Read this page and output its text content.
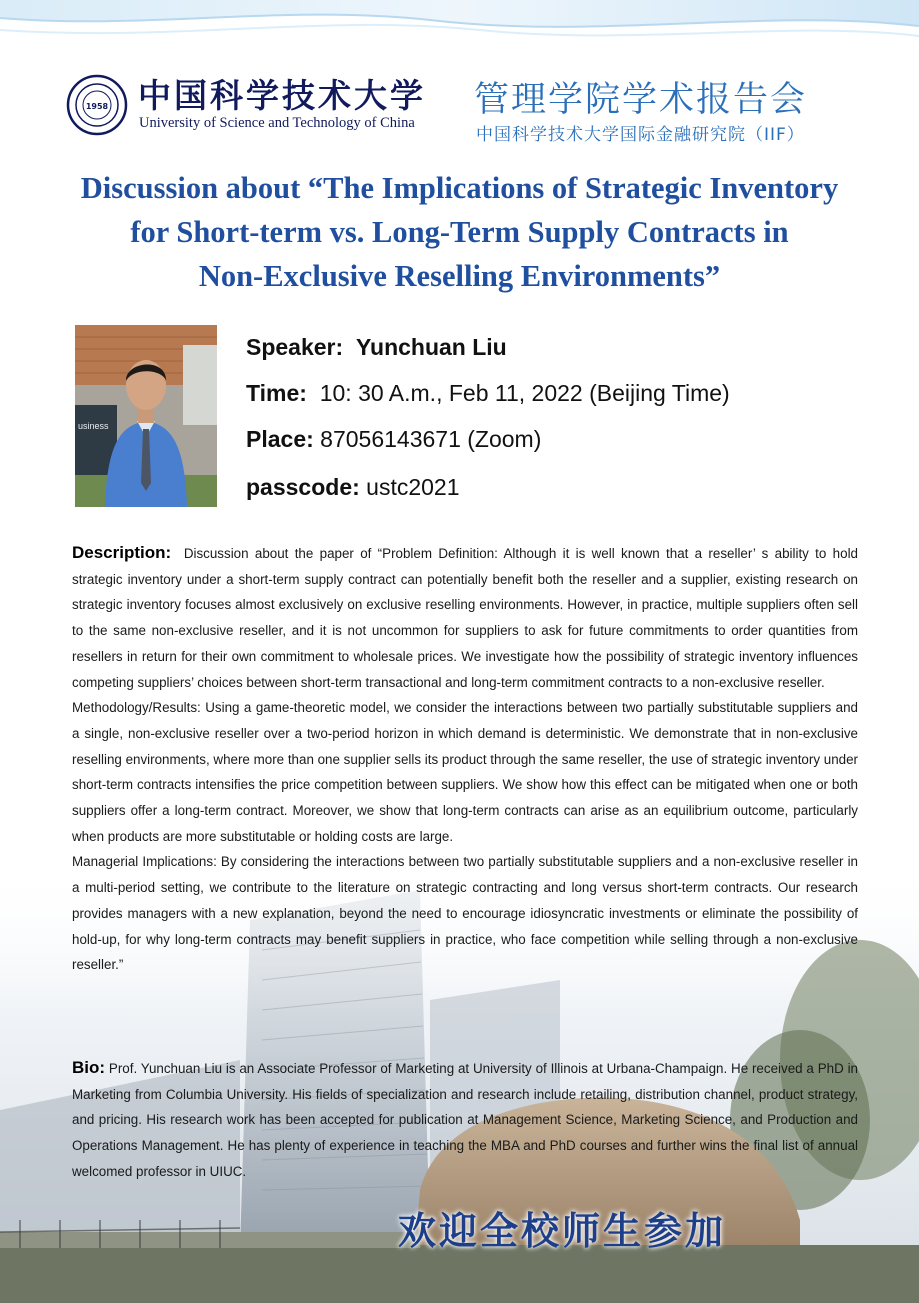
1958 中国科学技术大学
University of Science and Technology of China
管理学院学术报告会
中国科学技术大学国际金融研究院（IIF）
Discussion about “The Implications of Strategic Inventory
for Short-term vs. Long-Term Supply Contracts in
Non-Exclusive Reselling Environments”
usiness
Speaker: Yunchuan Liu
Time: 10: 30 A.m., Feb 11, 2022 (Beijing Time)
Place: 87056143671 (Zoom)
passcode: ustc2021

Description: Discussion about the paper of “Problem Definition: Although it is well known that a reseller’ s ability to hold strategic inventory under a short-term supply contract can potentially benefit both the reseller and a supplier, existing research on strategic inventory focuses almost exclusively on exclusive reselling environments. However, in practice, multiple suppliers often sell to the same non-exclusive reseller, and it is not uncommon for suppliers to ask for future commitments to order quantities from resellers in return for their own commitment to wholesale prices. We investigate how the possibility of strategic inventory influences competing suppliers’ choices between short-term transactional and long-term commitment contracts to a non-exclusive reseller.

Methodology/Results: Using a game-theoretic model, we consider the interactions between two partially substitutable suppliers and a single, non-exclusive reseller over a two-period horizon in which demand is deterministic. We demonstrate that in non-exclusive reselling environments, where more than one supplier sells its product through the same reseller, the use of strategic inventory under short-term contracts intensifies the price competition between suppliers. We show how this effect can be mitigated when one or both suppliers offer a long-term contract. Moreover, we show that long-term contracts can arise as an equilibrium outcome, particularly when products are more substitutable or holding costs are large.

Managerial Implications: By considering the interactions between two partially substitutable suppliers and a non-exclusive reseller in a multi-period setting, we contribute to the literature on strategic contracting and long versus short-term contracts. Our research provides managers with a new explanation, beyond the need to encourage idiosyncratic investments or eliminate the possibility of hold-up, for why long-term contracts may benefit suppliers in practice, who face competition while selling through a non-exclusive reseller.”

Bio: Prof. Yunchuan Liu is an Associate Professor of Marketing at University of Illinois at Urbana-Champaign. He received a PhD in Marketing from Columbia University. His fields of specialization and research include retailing, distribution channel, product strategy, and pricing. His research work has been accepted for publication at Management Science, Marketing Science, and Production and Operations Management. He has plenty of experience in teaching the MBA and PhD courses and further wins the final list of annual welcomed professor in UIUC.

欢迎全校师生参加
